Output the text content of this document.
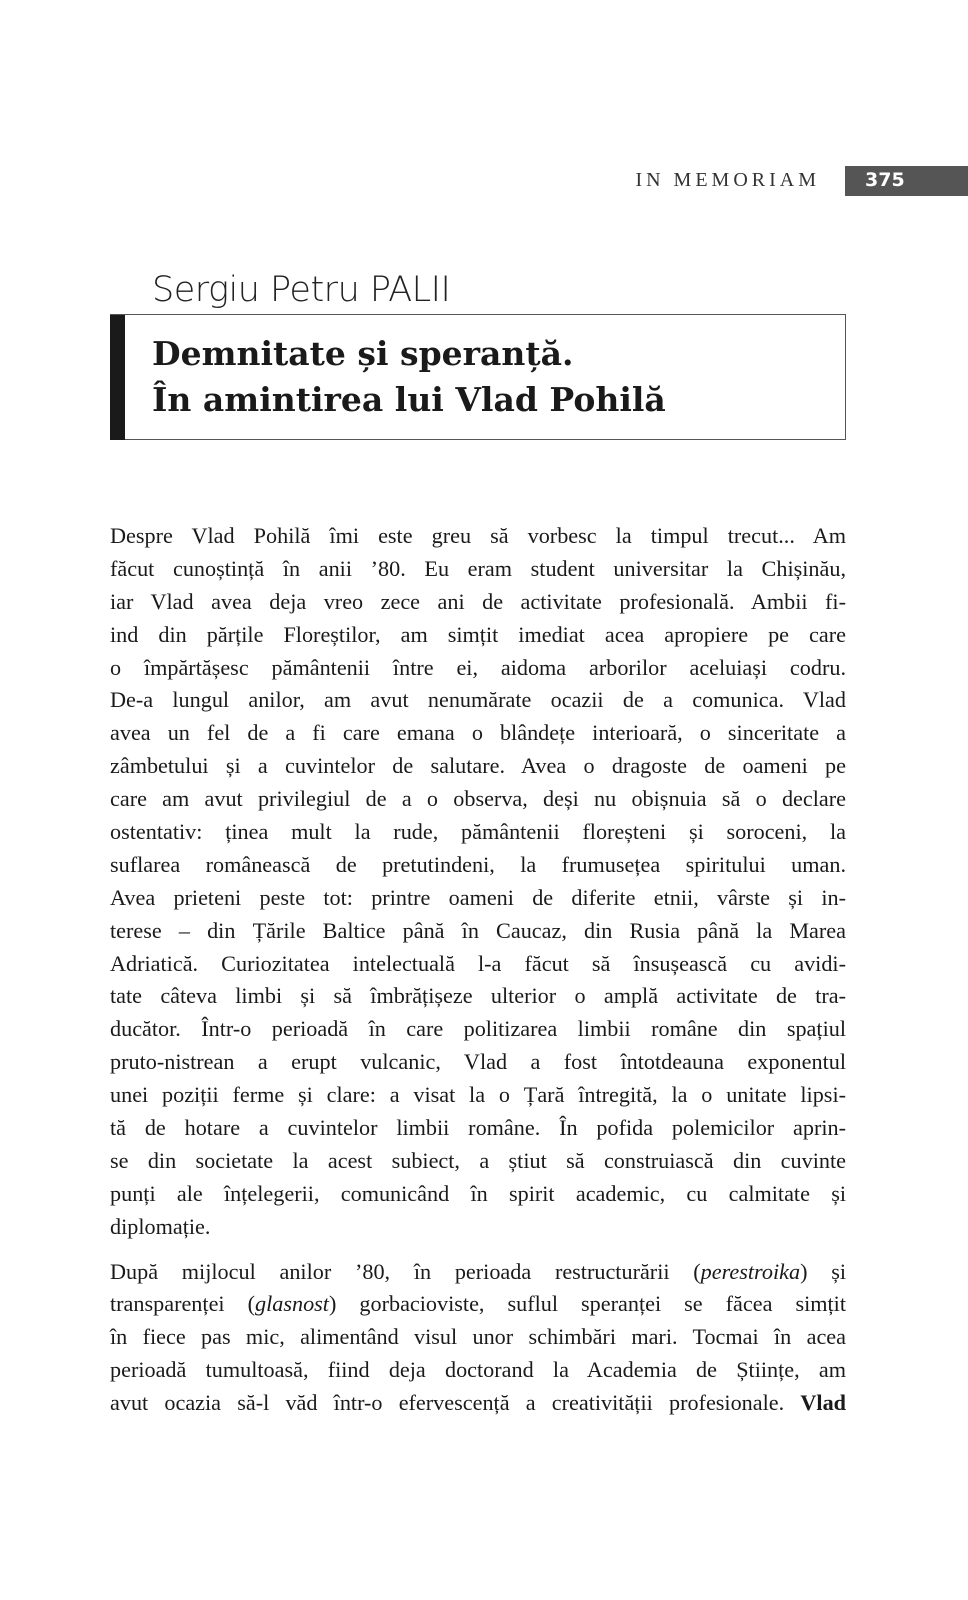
IN MEMORIAM 375
Sergiu Petru PALII
Demnitate și speranță.
În amintirea lui Vlad Pohilă

Despre Vlad Pohilă îmi este greu să vorbesc la timpul trecut... Am
făcut cunoștință în anii ’80. Eu eram student universitar la Chișinău,
iar Vlad avea deja vreo zece ani de activitate profesională. Ambii fi-
ind din părțile Floreștilor, am simțit imediat acea apropiere pe care
o împărtășesc pământenii între ei, aidoma arborilor aceluiași codru.
De-a lungul anilor, am avut nenumărate ocazii de a comunica. Vlad
avea un fel de a fi care emana o blândețe interioară, o sinceritate a
zâmbetului și a cuvintelor de salutare. Avea o dragoste de oameni pe
care am avut privilegiul de a o observa, deși nu obișnuia să o declare
ostentativ: ținea mult la rude, pământenii floreșteni și soroceni, la
suflarea românească de pretutindeni, la frumusețea spiritului uman.
Avea prieteni peste tot: printre oameni de diferite etnii, vârste și in-
terese – din Țările Baltice până în Caucaz, din Rusia până la Marea
Adriatică. Curiozitatea intelectuală l-a făcut să însușească cu avidi-
tate câteva limbi și să îmbrățișeze ulterior o amplă activitate de tra-
ducător. Într-o perioadă în care politizarea limbii române din spațiul
pruto-nistrean a erupt vulcanic, Vlad a fost întotdeauna exponentul
unei poziții ferme și clare: a visat la o Țară întregită, la o unitate lipsi-
tă de hotare a cuvintelor limbii române. În pofida polemicilor aprin-
se din societate la acest subiect, a știut să construiască din cuvinte
punți ale înțelegerii, comunicând în spirit academic, cu calmitate și
diplomație.

După mijlocul anilor ’80, în perioada restructurării (perestroika) și
transparenței (glasnost) gorbacioviste, suflul speranței se făcea simțit
în fiece pas mic, alimentând visul unor schimbări mari. Tocmai în acea
perioadă tumultoasă, fiind deja doctorand la Academia de Științe, am
avut ocazia să-l văd într-o efervescență a creativității profesionale. Vlad
